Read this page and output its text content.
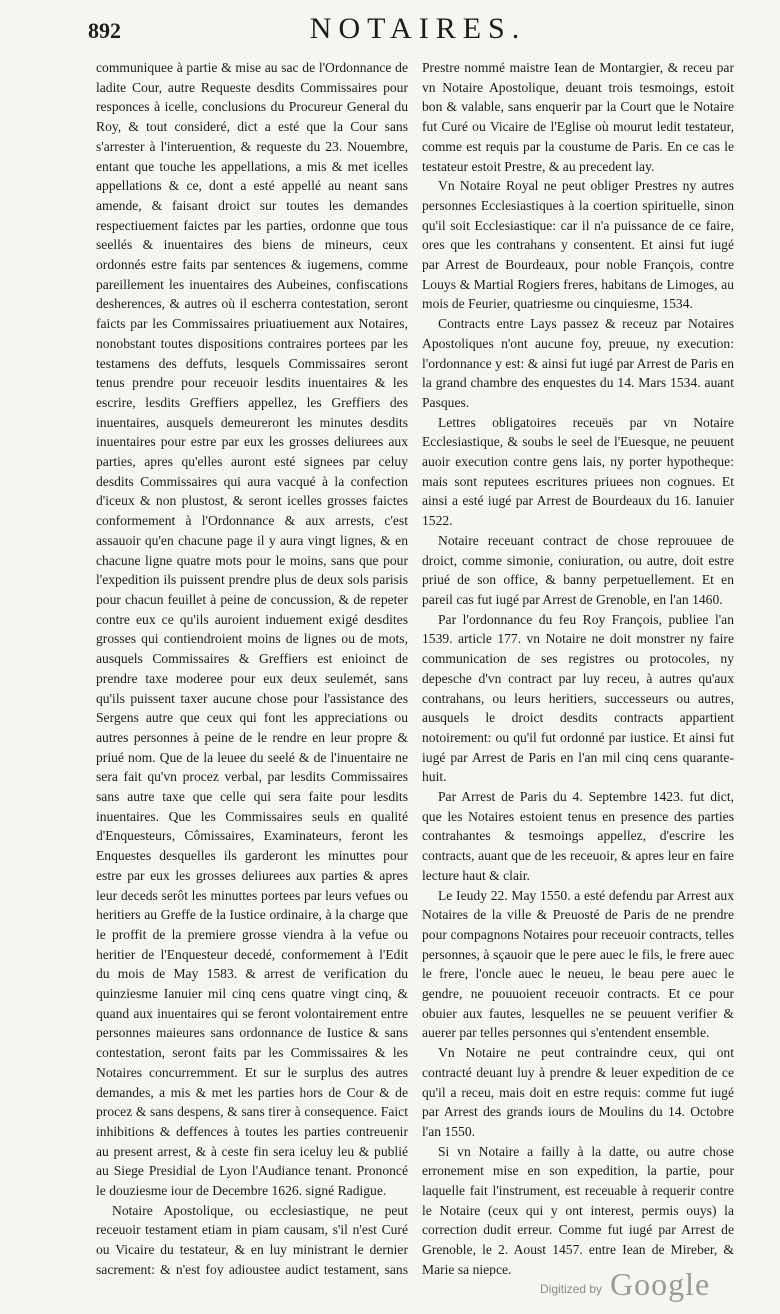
892	NOTAIRES.

communiquee à partie & mise au sac de l'Ordonnance de ladite Cour, autre Requeste desdits Commissaires pour responces à icelle, conclusions du Procureur General du Roy, & tout consideré, dict a esté que la Cour sans s'arrester à l'interuention, & requeste du 23. Nouembre, entant que touche les appellations, a mis & met icelles appellations & ce, dont a esté appellé au neant sans amende, & faisant droict sur toutes les demandes respectiuement faictes par les parties, ordonne que tous seellés & inuentaires des biens de mineurs, ceux ordonnés estre faits par sentences & iugemens, comme pareillement les inuentaires des Aubeines, confiscations desherences, & autres où il escherra contestation, seront faicts par les Commissaires priuatiuement aux Notaires, nonobstant toutes dispositions contraires portees par les testamens des deffuts, lesquels Commissaires seront tenus prendre pour receuoir lesdits inuentaires & les escrire, lesdits Greffiers appellez, les Greffiers des inuentaires, ausquels demeureront les minutes desdits inuentaires pour estre par eux les grosses deliurees aux parties, apres qu'elles auront esté signees par celuy desdits Commissaires qui aura vacqué à la confection d'iceux & non plustost, & seront icelles grosses faictes conformement à l'Ordonnance & aux arrests, c'est assauoir qu'en chacune page il y aura vingt lignes, & en chacune ligne quatre mots pour le moins, sans que pour l'expedition ils puissent prendre plus de deux sols parisis pour chacun feuillet à peine de concussion, & de repeter contre eux ce qu'ils auroient induement exigé desdites grosses qui contiendroient moins de lignes ou de mots, ausquels Commissaires & Greffiers est enioinct de prendre taxe moderee pour eux deux seulemét, sans qu'ils puissent taxer aucune chose pour l'assistance des Sergens autre que ceux qui font les appreciations ou autres personnes à peine de le rendre en leur propre & priué nom. Que de la leuee du seelé & de l'inuentaire ne sera fait qu'vn procez verbal, par lesdits Commissaires sans autre taxe que celle qui sera faite pour lesdits inuentaires. Que les Commissaires seuls en qualité d'Enquesteurs, Cômissaires, Examinateurs, feront les Enquestes desquelles ils garderont les minuttes pour estre par eux les grosses deliurees aux parties & apres leur deceds serôt les minuttes portees par leurs vefues ou heritiers au Greffe de la Iustice ordinaire, à la charge que le proffit de la premiere grosse viendra à la vefue ou heritier de l'Enquesteur decedé, conformement à l'Edit du mois de May 1583. & arrest de verification du quinziesme Ianuier mil cinq cens quatre vingt cinq, & quand aux inuentaires qui se feront volontairement entre personnes maieures sans ordonnance de Iustice & sans contestation, seront faits par les Commissaires & les Notaires concurremment. Et sur le surplus des autres demandes, a mis & met les parties hors de Cour & de procez & sans despens, & sans tirer à consequence. Faict inhibitions & deffences à toutes les parties contreuenir au present arrest, & à ceste fin sera iceluy leu & publié au Siege Presidial de Lyon l'Audiance tenant. Prononcé le douziesme iour de Decembre 1626. signé Radigue.

Notaire Apostolique, ou ecclesiastique, ne peut receuoir testament etiam in piam causam, s'il n'est Curé ou Vicaire du testateur, & en luy ministrant le dernier sacrement: & n'est foy adioustee audict testament, sans

Prestre nommé maistre Iean de Montargier, & receu par vn Notaire Apostolique, deuant trois tesmoings, estoit bon & valable, sans enquerir par la Court que le Notaire fut Curé ou Vicaire de l'Eglise où mourut ledit testateur, comme est requis par la coustume de Paris. En ce cas le testateur estoit Prestre, & au precedent lay.

Vn Notaire Royal ne peut obliger Prestres ny autres personnes Ecclesiastiques à la coertion spirituelle, sinon qu'il soit Ecclesiastique: car il n'a puissance de ce faire, ores que les contrahans y consentent. Et ainsi fut iugé par Arrest de Bourdeaux, pour noble François, contre Louys & Martial Rogiers freres, habitans de Limoges, au mois de Feurier, quatriesme ou cinquiesme, 1534.

Contracts entre Lays passez & receuz par Notaires Apostoliques n'ont aucune foy, preuue, ny execution: l'ordonnance y est: & ainsi fut iugé par Arrest de Paris en la grand chambre des enquestes du 14. Mars 1534. auant Pasques.

Lettres obligatoires receuës par vn Notaire Ecclesiastique, & soubs le seel de l'Euesque, ne peuuent auoir execution contre gens lais, ny porter hypotheque: mais sont reputees escritures priuees non cognues. Et ainsi a esté iugé par Arrest de Bourdeaux du 16. Ianuier 1522.

Notaire receuant contract de chose reprouuee de droict, comme simonie, coniuration, ou autre, doit estre priué de son office, & banny perpetuellement. Et en pareil cas fut iugé par Arrest de Grenoble, en l'an 1460.

Par l'ordonnance du feu Roy François, publiee l'an 1539. article 177. vn Notaire ne doit monstrer ny faire communication de ses registres ou protocoles, ny depesche d'vn contract par luy receu, à autres qu'aux contrahans, ou leurs heritiers, successeurs ou autres, ausquels le droict desdits contracts appartient notoirement: ou qu'il fut ordonné par iustice. Et ainsi fut iugé par Arrest de Paris en l'an mil cinq cens quarante-huit.

Par Arrest de Paris du 4. Septembre 1423. fut dict, que les Notaires estoient tenus en presence des parties contrahantes & tesmoings appellez, d'escrire les contracts, auant que de les receuoir, & apres leur en faire lecture haut & clair.

Le Ieudy 22. May 1550. a esté defendu par Arrest aux Notaires de la ville & Preuosté de Paris de ne prendre pour compagnons Notaires pour receuoir contracts, telles personnes, à sçauoir que le pere auec le fils, le frere auec le frere, l'oncle auec le neueu, le beau pere auec le gendre, ne pouuoient receuoir contracts. Et ce pour obuier aux fautes, lesquelles ne se peuuent verifier & auerer par telles personnes qui s'entendent ensemble.

Vn Notaire ne peut contraindre ceux, qui ont contracté deuant luy à prendre & leuer expedition de ce qu'il a receu, mais doit en estre requis: comme fut iugé par Arrest des grands iours de Moulins du 14. Octobre l'an 1550.

Si vn Notaire a failly à la datte, ou autre chose erronement mise en son expedition, la partie, pour laquelle fait l'instrument, est receuable à requerir contre le Notaire (ceux qui y ont interest, permis ouys) la correction dudit erreur. Comme fut iugé par Arrest de Grenoble, le 2. Aoust 1457. entre Iean de Mireber, & Marie sa niepce.

Digitized by Google
